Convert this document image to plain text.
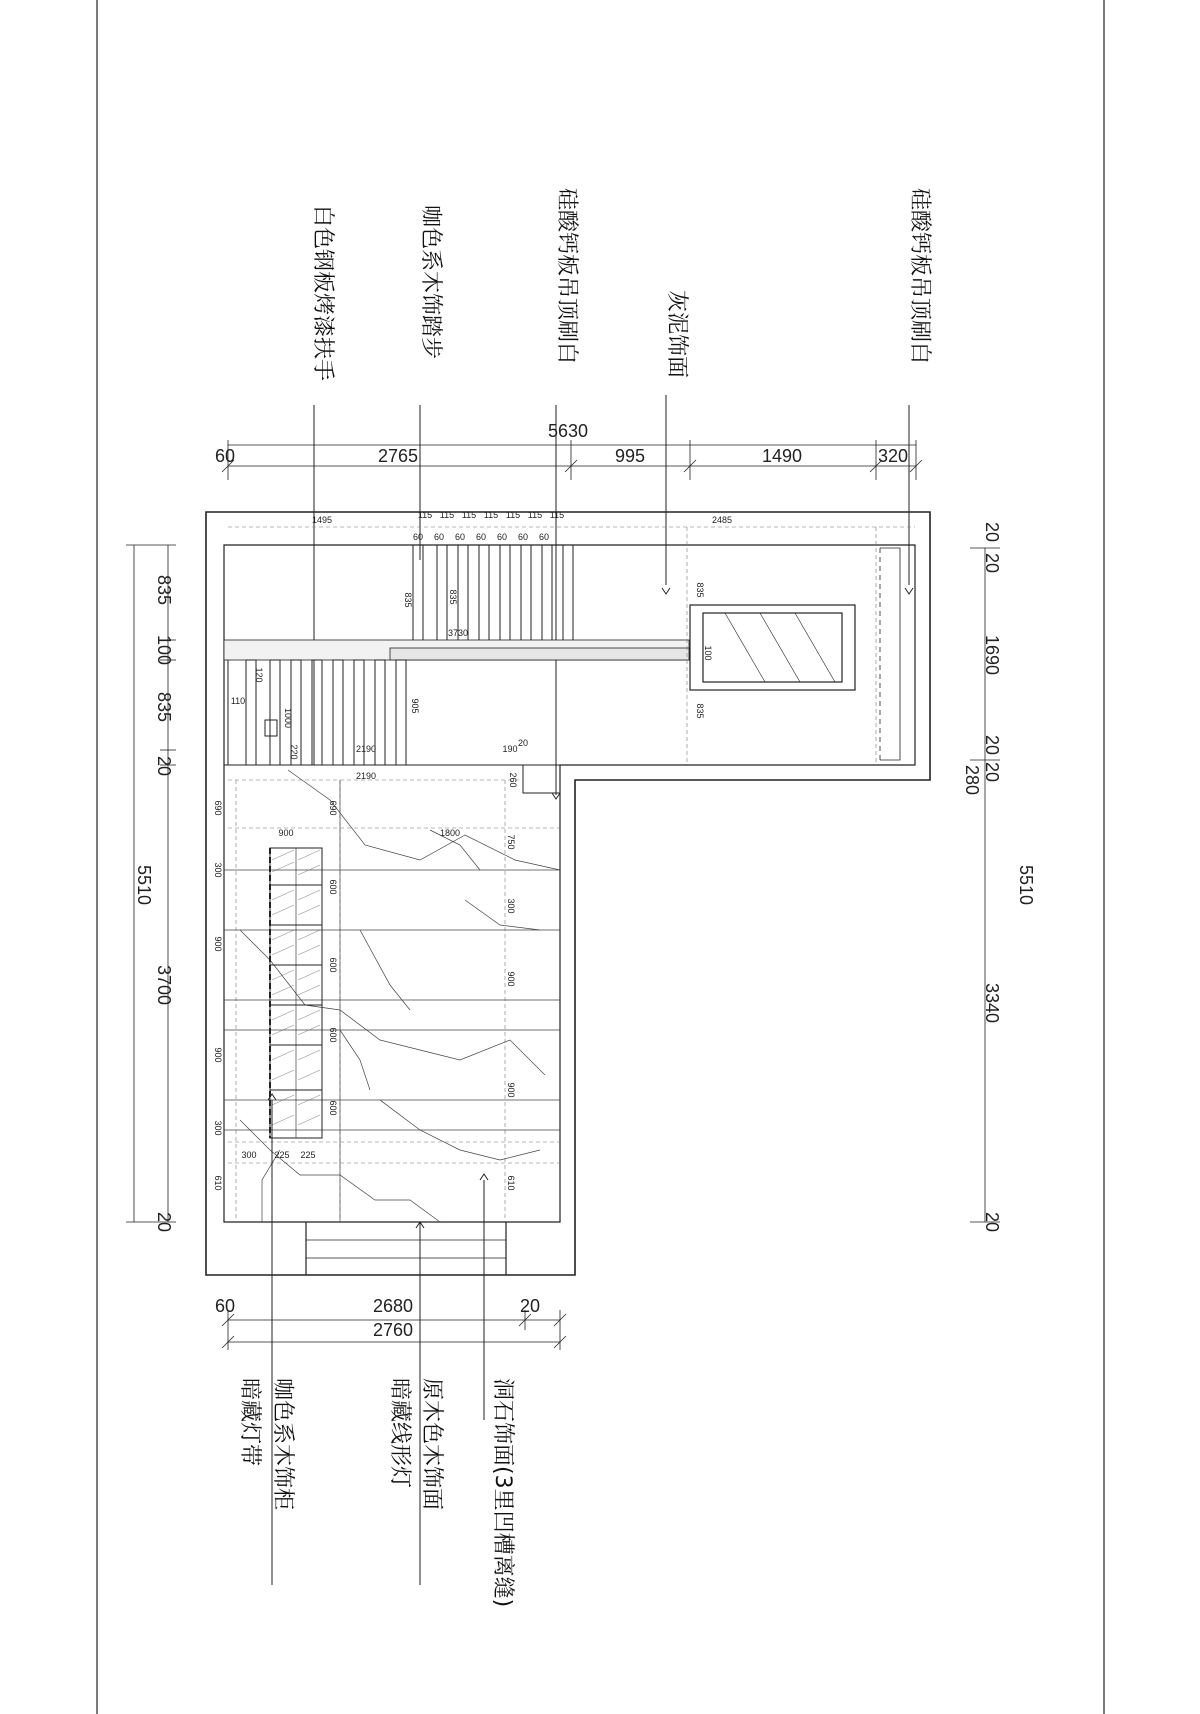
白色钢板烤漆扶手	咖色系木饰踏步	硅酸钙板吊顶刷白	灰泥饰面	硅酸钙板吊顶刷白
5630
60	2765	995	1490	320
835
100
835
20
5510
3700
20
20
20
1690
20
20
280
5510
3340
20
1495	2485
115 115 115 115 115 115 115
60 60 60 60 60 60 60
835	835
3730
100
905
835
835
110
120
220
1000
2190
2190
190
20
260
690
300
900
900
300
610
690
600
600
600
600
750
300
900
900
610
900	1800
300 225 225
60	2680	20
2760
咖色系木饰柜
暗藏灯带	原木色木饰面
暗藏线形灯	洞石饰面(3里凹槽离缝)
